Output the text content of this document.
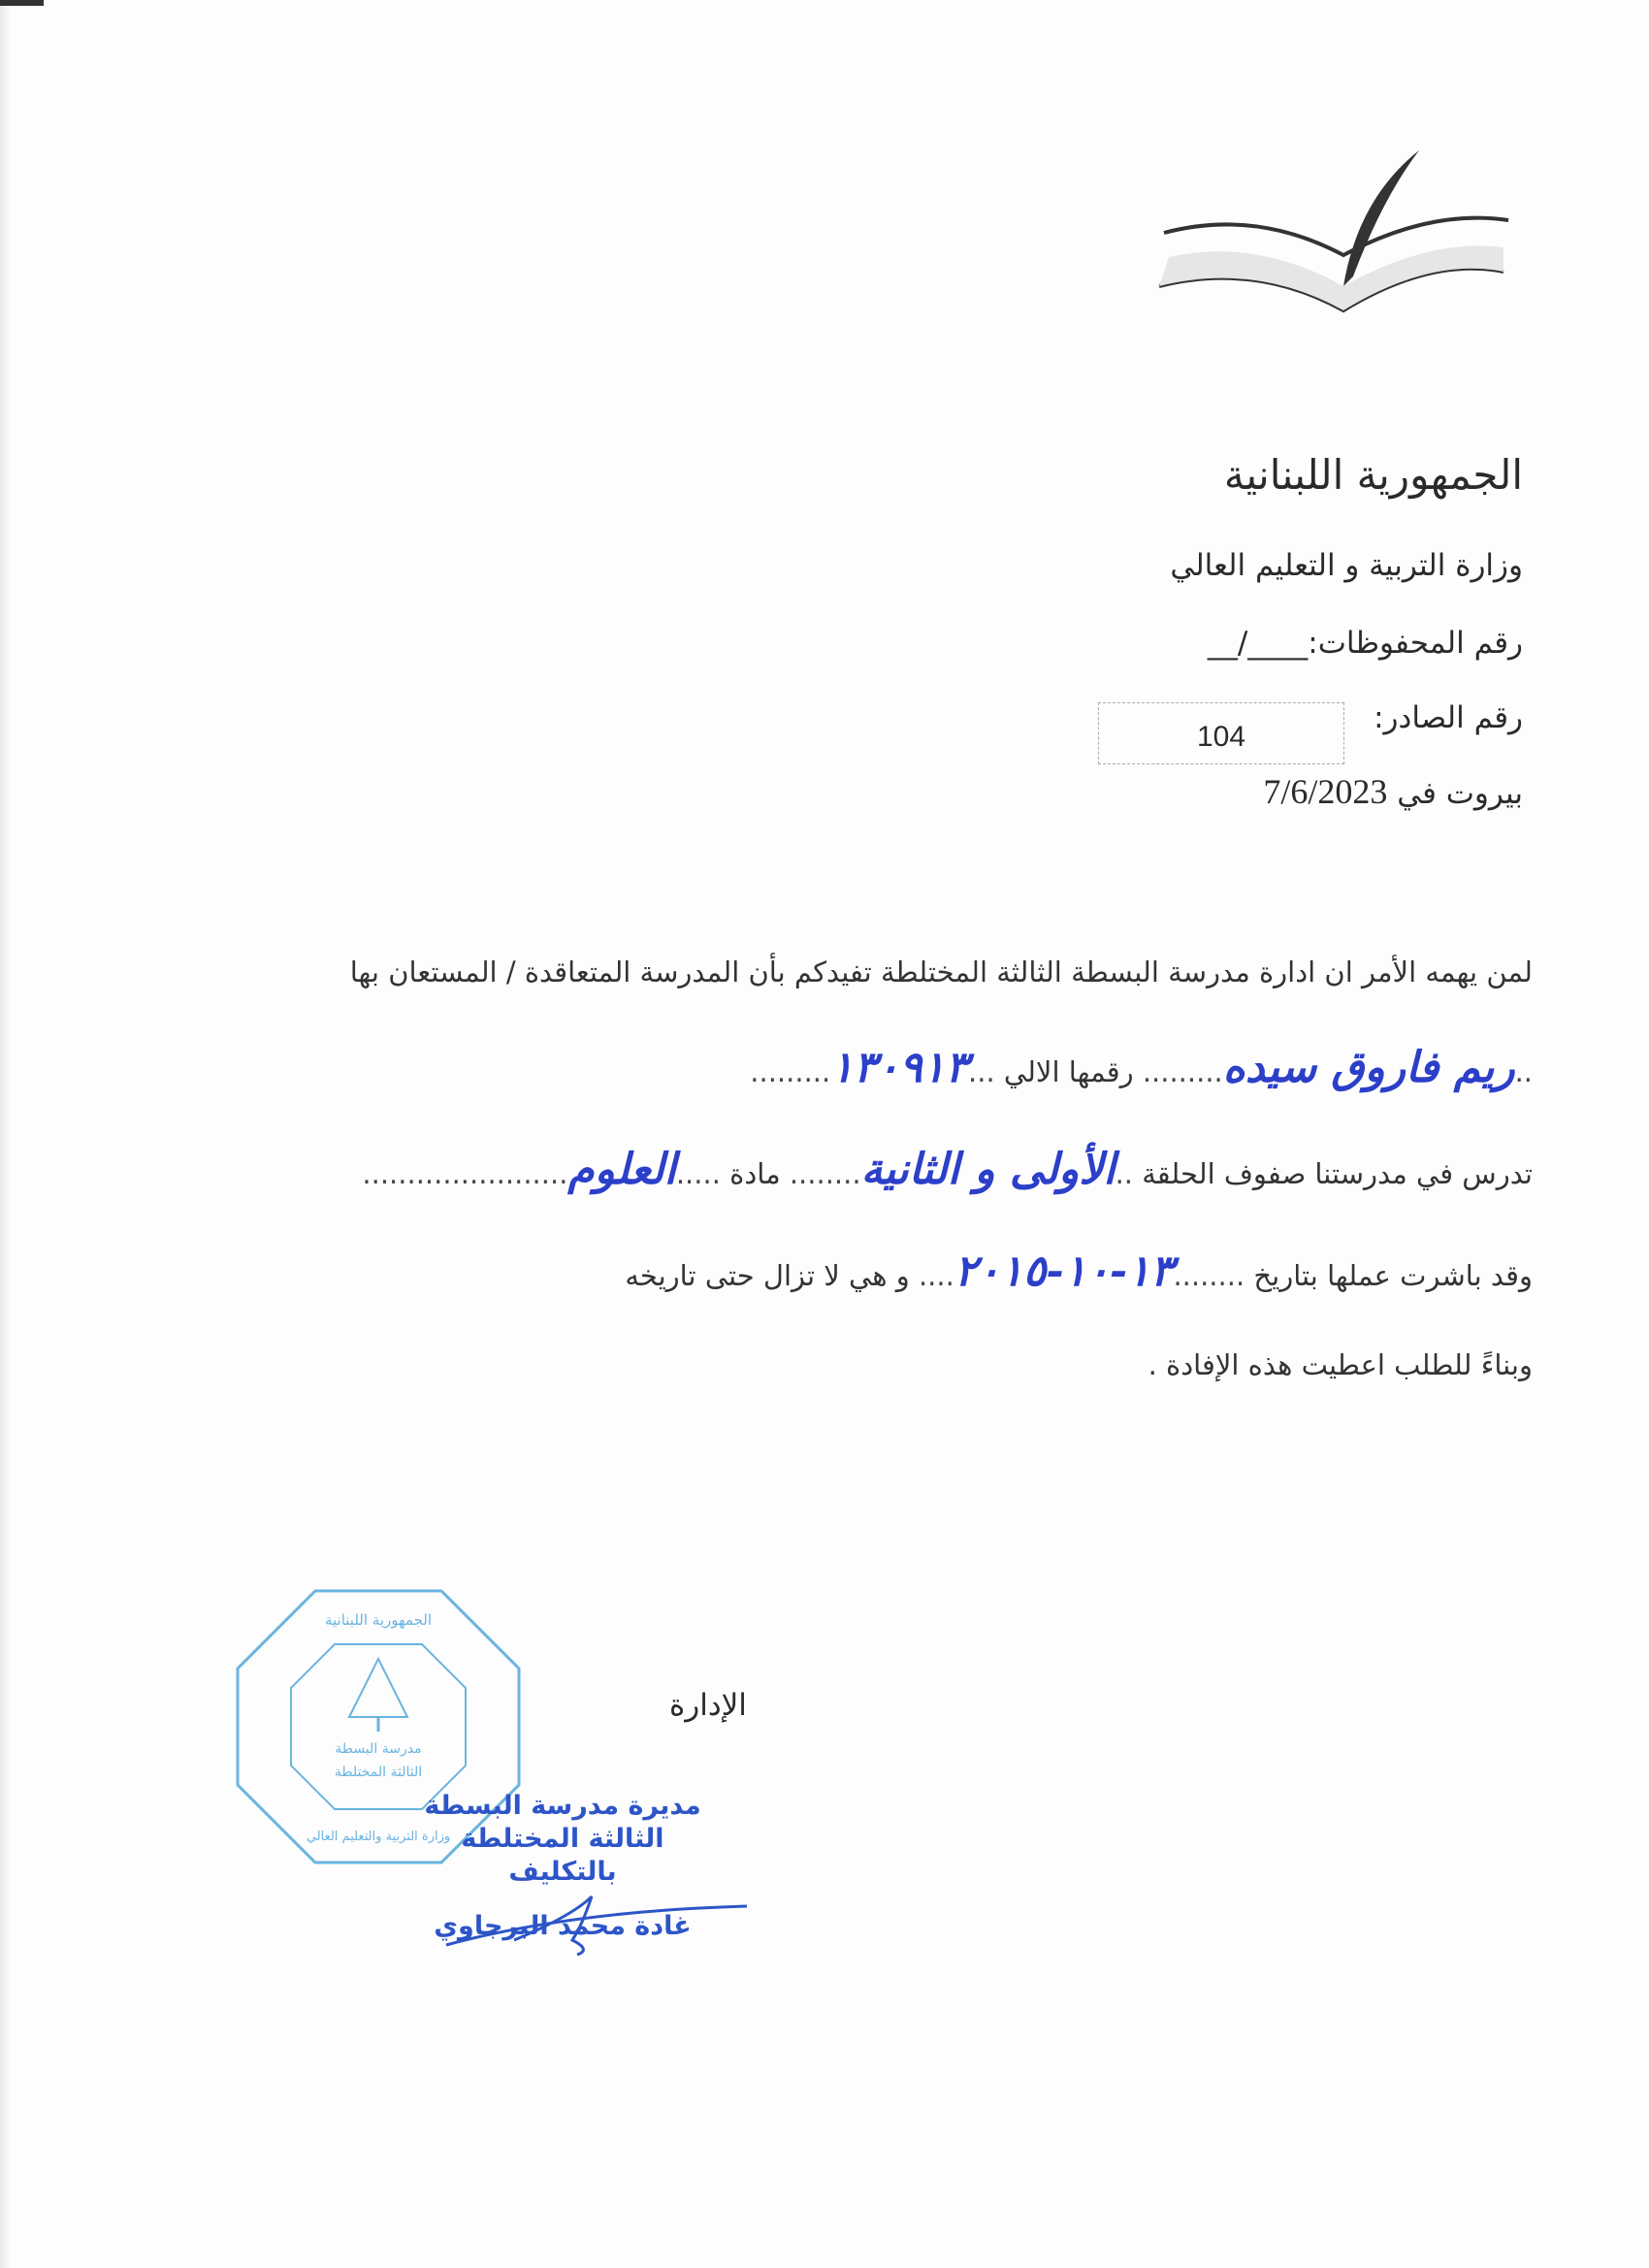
الجمهورية اللبنانية
وزارة التربية و التعليم العالي
رقم المحفوظات:____/__
رقم الصادر:
104
بيروت في 7/6/2023
لمن يهمه الأمر ان ادارة مدرسة البسطة الثالثة المختلطة تفيدكم بأن المدرسة المتعاقدة / المستعان بها
..ريم فاروق سيده......... رقمها الالي ...١٣٠٩١٣.........
تدرس في مدرستنا صفوف الحلقة ..الأولى و الثانية........ مادة .....العلوم.......................
وقد باشرت عملها بتاريخ ........١٣-١٠-٢٠١٥.... و هي لا تزال حتى تاريخه
وبناءً للطلب اعطيت هذه الإفادة .
الإدارة
مدرسة البسطة
الثالثة المختلطة
الجمهورية اللبنانية
وزارة التربية والتعليم العالي
مديرة مدرسة البسطة
الثالثة المختلطة
بالتكليف
غادة محمد البرجاوي
